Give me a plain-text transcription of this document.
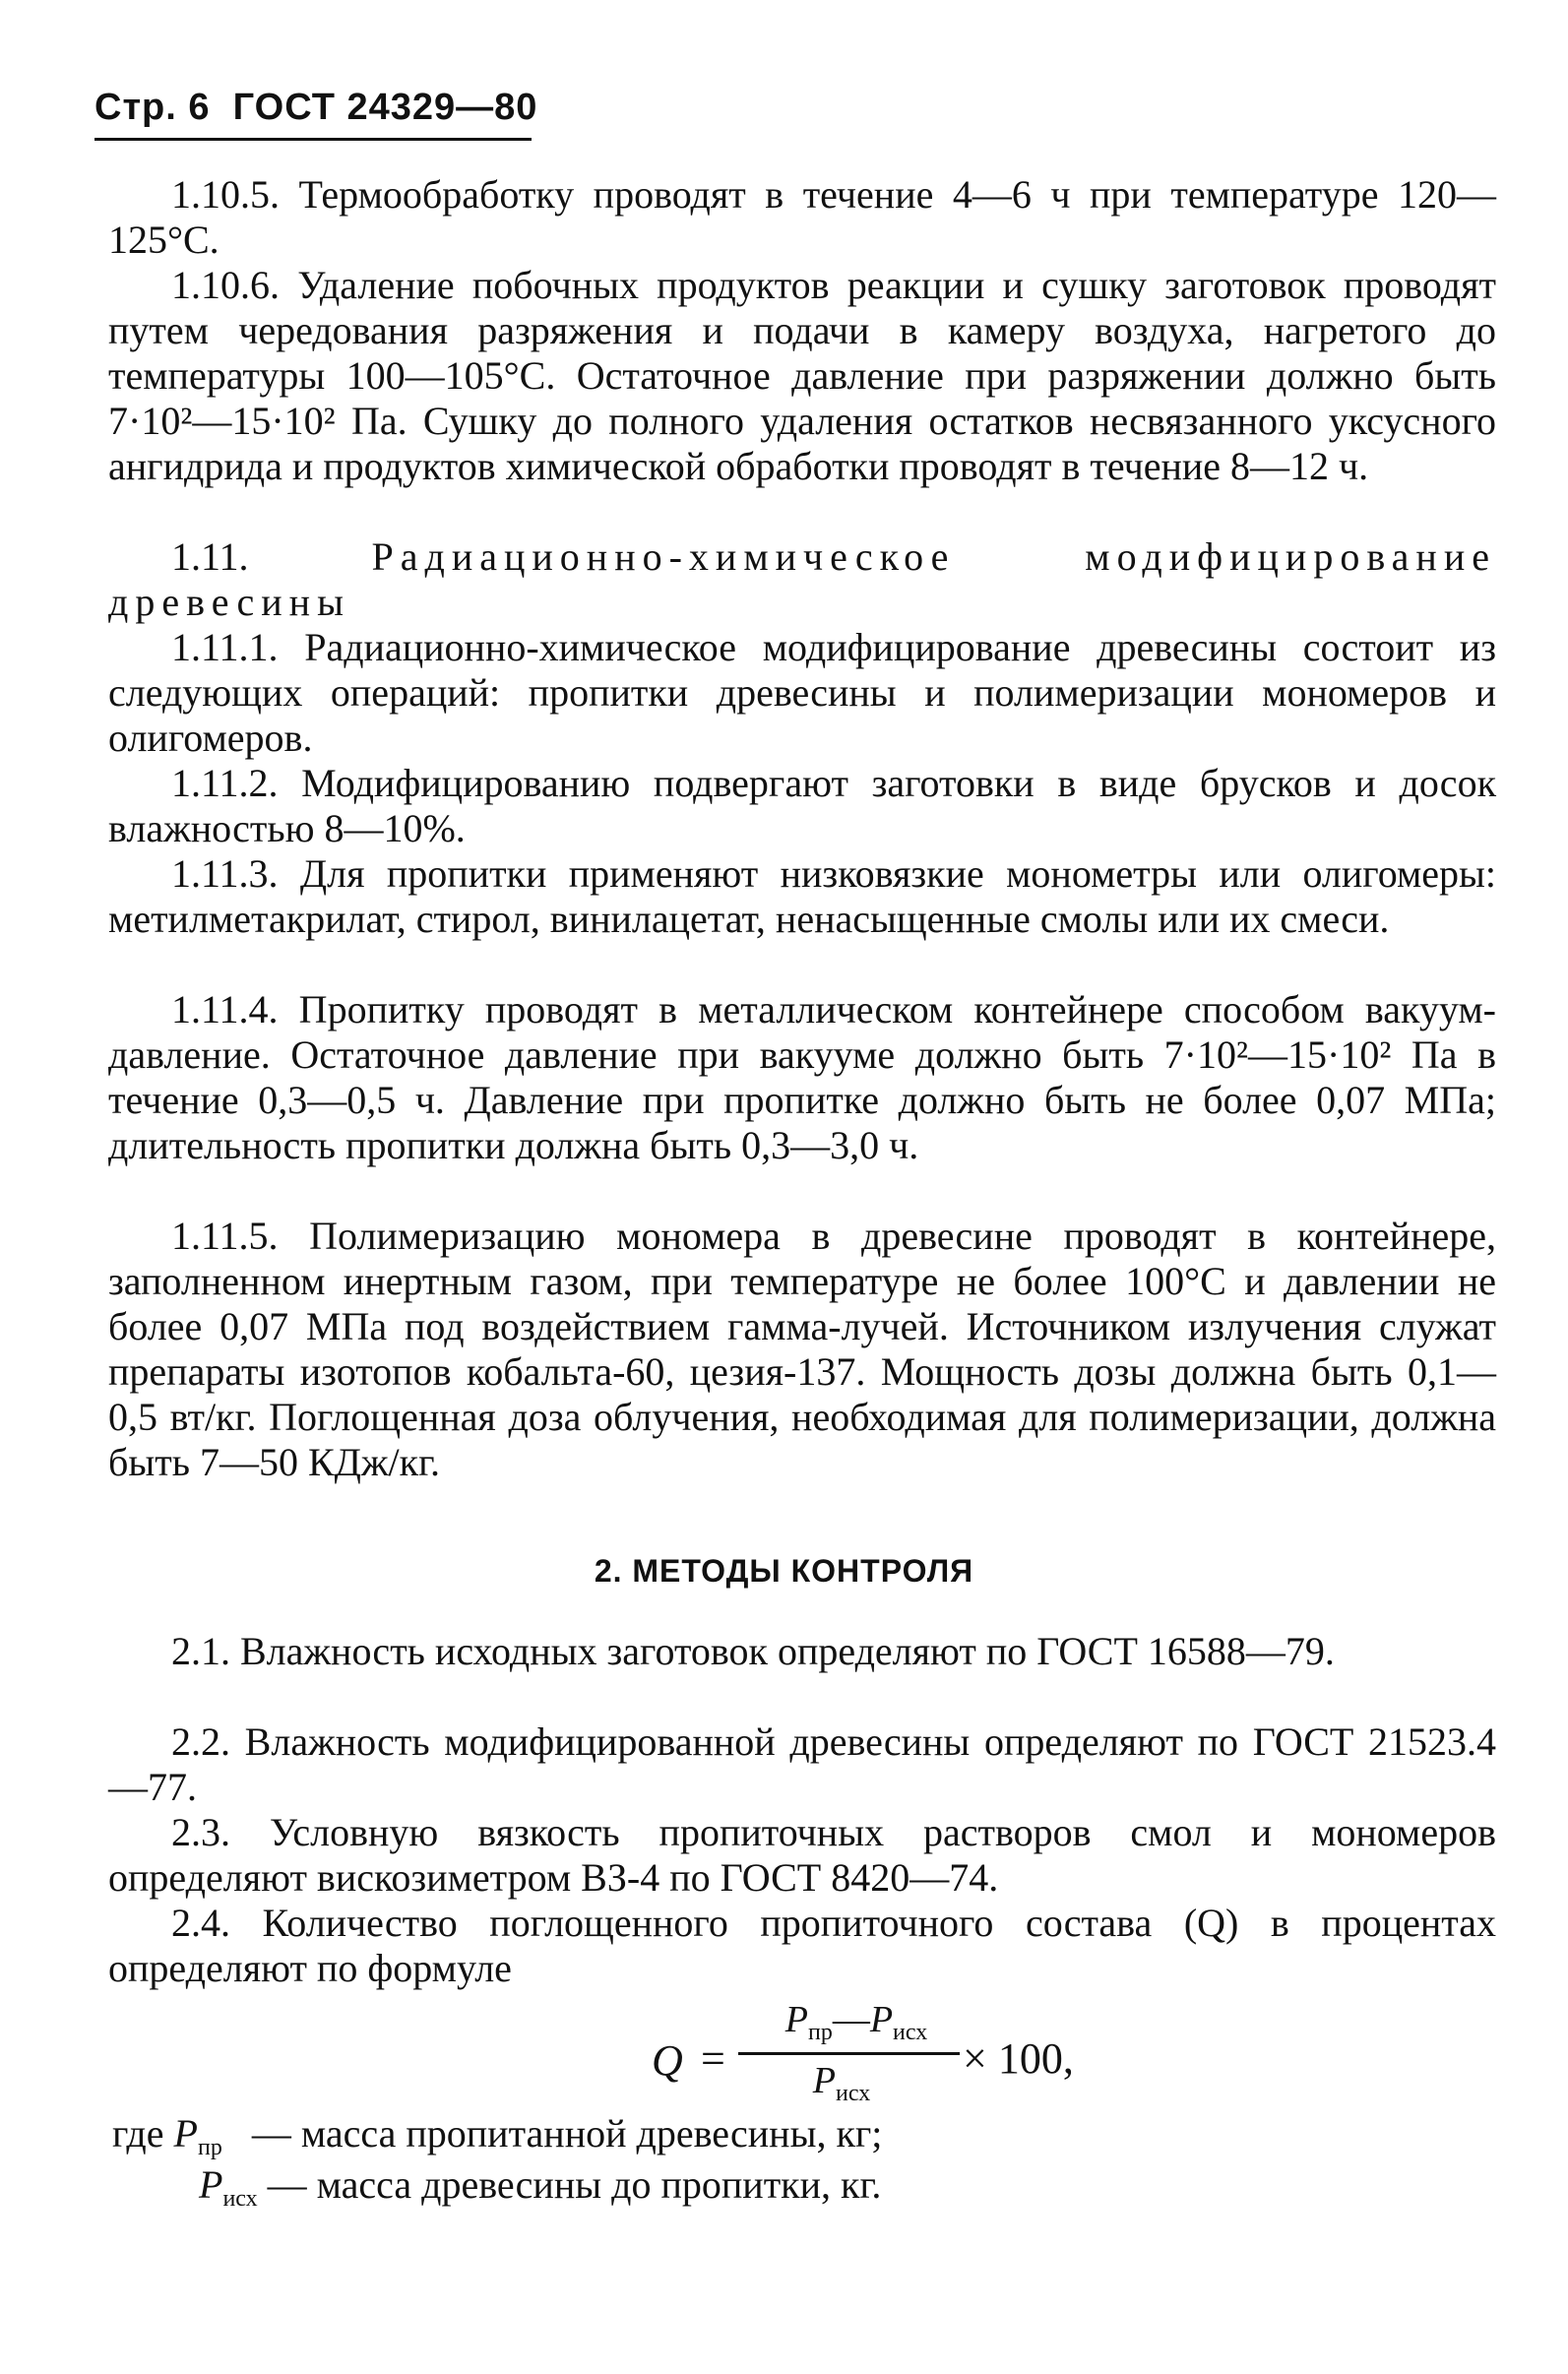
Стр. 6 ГОСТ 24329—80

1.10.5. Термообработку проводят в течение 4—6 ч при температуре 120—125°С.

1.10.6. Удаление побочных продуктов реакции и сушку заготовок проводят путем чередования разряжения и подачи в камеру воздуха, нагретого до температуры 100—105°С. Остаточное давление при разряжении должно быть 7·10²—15·10² Па. Сушку до полного удаления остатков несвязанного уксусного ангидрида и продуктов химической обработки проводят в течение 8—12 ч.

1.11.	Радиационно-химическое модифицирование древесины

1.11.1. Радиационно-химическое модифицирование древесины состоит из следующих операций: пропитки древесины и полимеризации мономеров и олигомеров.

1.11.2. Модифицированию подвергают заготовки в виде брусков и досок влажностью 8—10%.

1.11.3. Для пропитки применяют низковязкие монометры или олигомеры: метилметакрилат, стирол, винилацетат, ненасыщенные смолы или их смеси.

1.11.4. Пропитку проводят в металлическом контейнере способом вакуум-давление. Остаточное давление при вакууме должно быть 7·10²—15·10² Па в течение 0,3—0,5 ч. Давление при пропитке должно быть не более 0,07 МПа; длительность пропитки должна быть 0,3—3,0 ч.

1.11.5. Полимеризацию мономера в древесине проводят в контейнере, заполненном инертным газом, при температуре не более 100°С и давлении не более 0,07 МПа под воздействием гамма-лучей. Источником излучения служат препараты изотопов кобальта-60, цезия-137. Мощность дозы должна быть 0,1—0,5 вт/кг. Поглощенная доза облучения, необходимая для полимеризации, должна быть 7—50 КДж/кг.

2. МЕТОДЫ КОНТРОЛЯ

2.1. Влажность исходных заготовок определяют по ГОСТ 16588—79.

2.2. Влажность модифицированной древесины определяют по ГОСТ 21523.4—77.

2.3. Условную вязкость пропиточных растворов смол и мономеров определяют вискозиметром ВЗ-4 по ГОСТ 8420—74.

2.4. Количество поглощенного пропиточного состава (Q) в процентах определяют по формуле

Q =
$P_{пр}—P_{исх}$
$P_{исх}$
× 100,
где $P_{пр}$ — масса пропитанной древесины, кг;
$P_{исх}$ — масса древесины до пропитки, кг.
